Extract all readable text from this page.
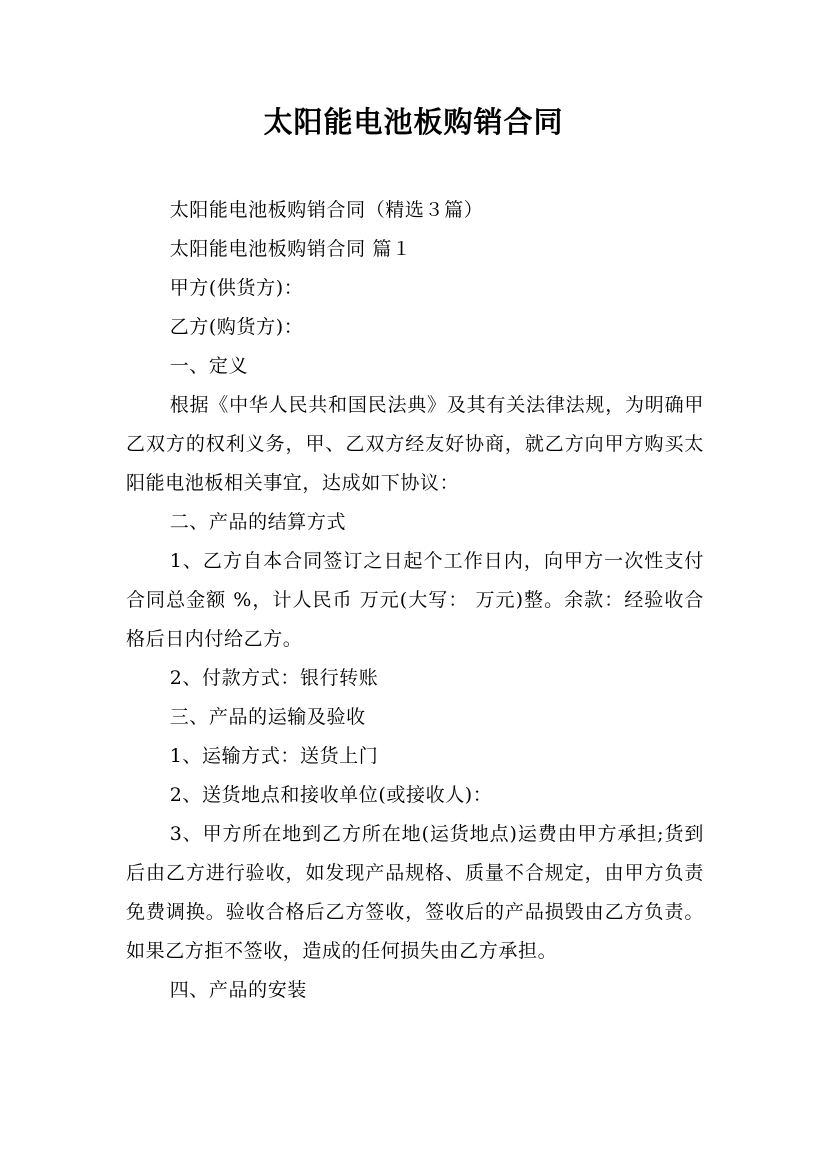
太阳能电池板购销合同

太阳能电池板购销合同（精选３篇）

太阳能电池板购销合同 篇１

甲方(供货方)：

乙方(购货方)：

一、定义

根据《中华人民共和国民法典》及其有关法律法规，为明确甲乙双方的权利义务，甲、乙双方经友好协商，就乙方向甲方购买太阳能电池板相关事宜，达成如下协议：

二、产品的结算方式

1、乙方自本合同签订之日起个工作日内，向甲方一次性支付合同总金额 %，计人民币 万元(大写： 万元)整。余款：经验收合格后日内付给乙方。

2、付款方式：银行转账

三、产品的运输及验收

1、运输方式：送货上门

2、送货地点和接收单位(或接收人)：

3、甲方所在地到乙方所在地(运货地点)运费由甲方承担;货到后由乙方进行验收，如发现产品规格、质量不合规定，由甲方负责免费调换。验收合格后乙方签收，签收后的产品损毁由乙方负责。如果乙方拒不签收，造成的任何损失由乙方承担。

四、产品的安装
